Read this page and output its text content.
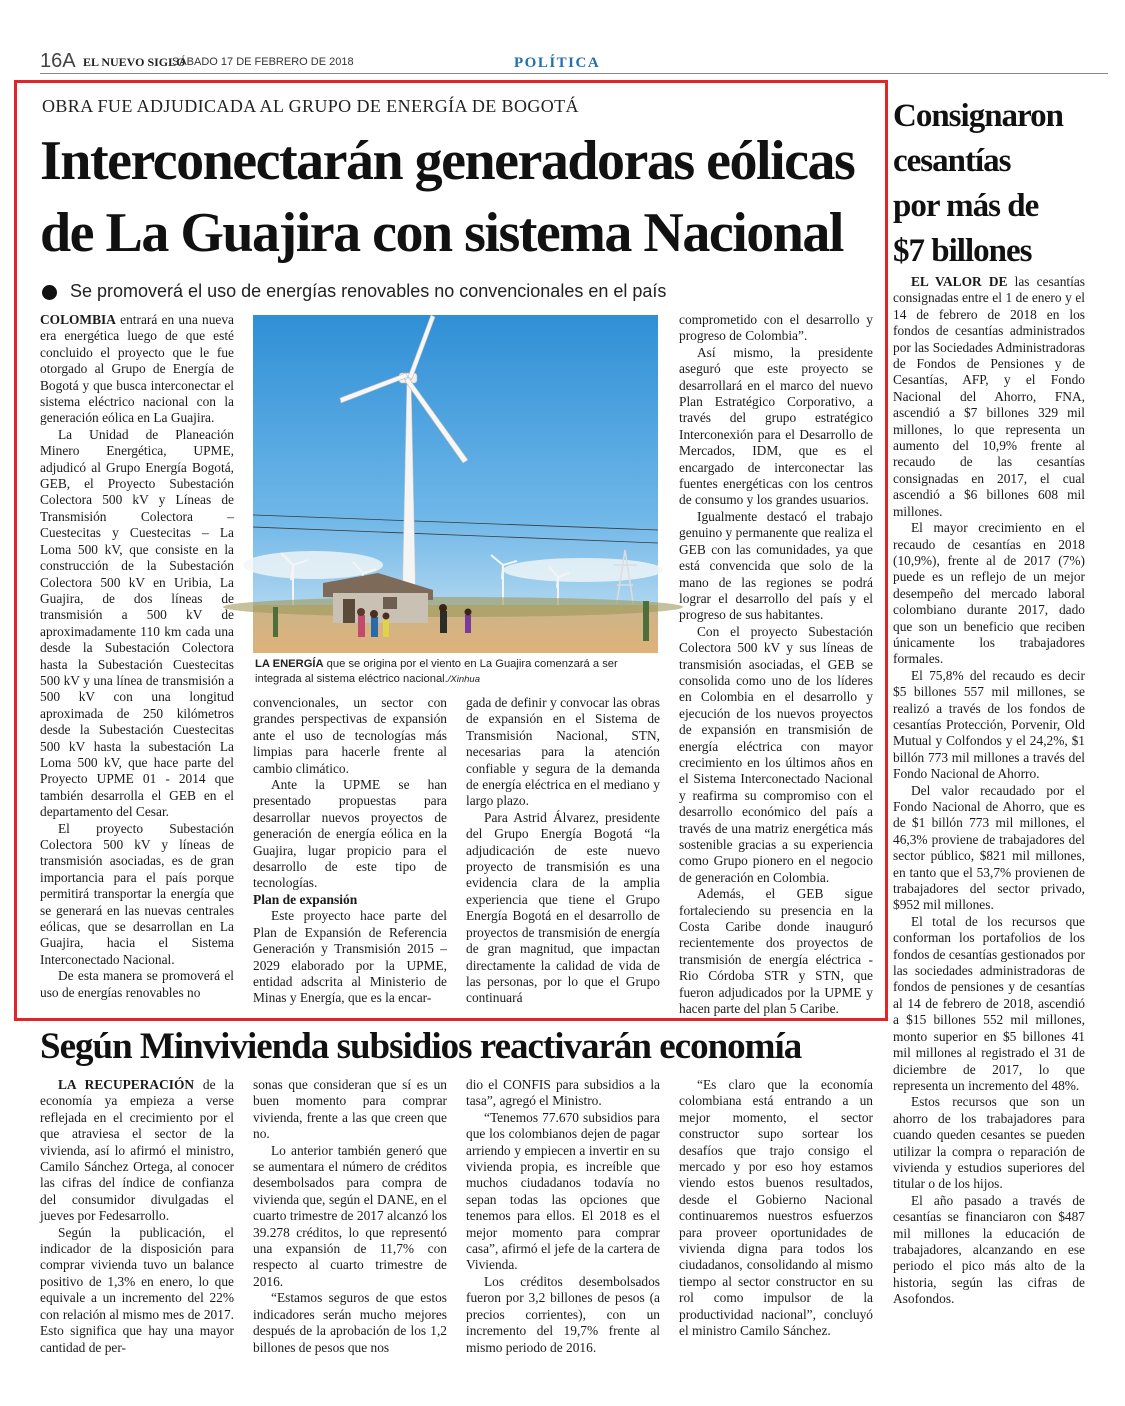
16A EL NUEVO SIGLO
SÁBADO 17 DE FEBRERO DE 2018	POLÍTICA
OBRA FUE ADJUDICADA AL GRUPO DE ENERGÍA DE BOGOTÁ
Interconectarán generadoras eólicas
de La Guajira con sistema Nacional
Se promoverá el uso de energías renovables no convencionales en el país

COLOMBIA entrará en una nueva era energética luego de que esté concluido el proyecto que le fue otorgado al Grupo de Energía de Bogotá y que busca interconectar el sistema eléctrico nacional con la generación eólica en La Guajira.

La Unidad de Planeación Minero Energética, UPME, adjudicó al Grupo Energía Bogotá, GEB, el Proyecto Subestación Colectora 500 kV y Líneas de Transmisión Colectora – Cuestecitas y Cuestecitas – La Loma 500 kV, que consiste en la construcción de la Subestación Colectora 500 kV en Uribia, La Guajira, de dos líneas de transmisión a 500 kV de aproximadamente 110 km cada una desde la Subestación Colectora hasta la Subestación Cuestecitas 500 kV y una línea de transmisión a 500 kV con una longitud aproximada de 250 kilómetros desde la Subestación Cuestecitas 500 kV hasta la subestación La Loma 500 kV, que hace parte del Proyecto UPME 01 - 2014 que también desarrolla el GEB en el departamento del Cesar.

El proyecto Subestación Colectora 500 kV y líneas de transmisión asociadas, es de gran importancia para el país porque permitirá transportar la energía que se generará en las nuevas centrales eólicas, que se desarrollan en La Guajira, hacia el Sistema Interconectado Nacional.

De esta manera se promoverá el uso de energías renovables no

LA ENERGÍA que se origina por el viento en La Guajira comenzará a ser integrada al sistema eléctrico nacional./Xinhua

convencionales, un sector con grandes perspectivas de expansión ante el uso de tecnologías más limpias para hacerle frente al cambio climático.

Ante la UPME se han presentado propuestas para desarrollar nuevos proyectos de generación de energía eólica en la Guajira, lugar propicio para el desarrollo de este tipo de tecnologías.

Plan de expansión

Este proyecto hace parte del Plan de Expansión de Referencia Generación y Transmisión 2015 – 2029 elaborado por la UPME, entidad adscrita al Ministerio de Minas y Energía, que es la encar-

gada de definir y convocar las obras de expansión en el Sistema de Transmisión Nacional, STN, necesarias para la atención confiable y segura de la demanda de energía eléctrica en el mediano y largo plazo.

Para Astrid Álvarez, presidente del Grupo Energía Bogotá “la adjudicación de este nuevo proyecto de transmisión es una evidencia clara de la amplia experiencia que tiene el Grupo Energía Bogotá en el desarrollo de proyectos de transmisión de energía de gran magnitud, que impactan directamente la calidad de vida de las personas, por lo que el Grupo continuará

comprometido con el desarrollo y progreso de Colombia”.

Así mismo, la presidente aseguró que este proyecto se desarrollará en el marco del nuevo Plan Estratégico Corporativo, a través del grupo estratégico Interconexión para el Desarrollo de Mercados, IDM, que es el encargado de interconectar las fuentes energéticas con los centros de consumo y los grandes usuarios.

Igualmente destacó el trabajo genuino y permanente que realiza el GEB con las comunidades, ya que está convencida que solo de la mano de las regiones se podrá lograr el desarrollo del país y el progreso de sus habitantes.

Con el proyecto Subestación Colectora 500 kV y sus líneas de transmisión asociadas, el GEB se consolida como uno de los líderes en Colombia en el desarrollo y ejecución de los nuevos proyectos de expansión en transmisión de energía eléctrica con mayor crecimiento en los últimos años en el Sistema Interconectado Nacional y reafirma su compromiso con el desarrollo económico del país a través de una matriz energética más sostenible gracias a su experiencia como Grupo pionero en el negocio de generación en Colombia.

Además, el GEB sigue fortaleciendo su presencia en la Costa Caribe donde inauguró recientemente dos proyectos de transmisión de energía eléctrica - Rio Córdoba STR y STN, que fueron adjudicados por la UPME y hacen parte del plan 5 Caribe.

Consignaron
cesantías
por más de
$7 billones

EL VALOR DE las cesantías consignadas entre el 1 de enero y el 14 de febrero de 2018 en los fondos de cesantías administrados por las Sociedades Administradoras de Fondos de Pensiones y de Cesantías, AFP, y el Fondo Nacional del Ahorro, FNA, ascendió a $7 billones 329 mil millones, lo que representa un aumento del 10,9% frente al recaudo de las cesantías consignadas en 2017, el cual ascendió a $6 billones 608 mil millones.

El mayor crecimiento en el recaudo de cesantías en 2018 (10,9%), frente al de 2017 (7%) puede es un reflejo de un mejor desempeño del mercado laboral colombiano durante 2017, dado que son un beneficio que reciben únicamente los trabajadores formales.

El 75,8% del recaudo es decir $5 billones 557 mil millones, se realizó a través de los fondos de cesantías Protección, Porvenir, Old Mutual y Colfondos y el 24,2%, $1 billón 773 mil millones a través del Fondo Nacional de Ahorro.

Del valor recaudado por el Fondo Nacional de Ahorro, que es de $1 billón 773 mil millones, el 46,3% proviene de trabajadores del sector público, $821 mil millones, en tanto que el 53,7% provienen de trabajadores del sector privado, $952 mil millones.

El total de los recursos que conforman los portafolios de los fondos de cesantías gestionados por las sociedades administradoras de fondos de pensiones y de cesantías al 14 de febrero de 2018, ascendió a $15 billones 552 mil millones, monto superior en $5 billones 41 mil millones al registrado el 31 de diciembre de 2017, lo que representa un incremento del 48%.

Estos recursos que son un ahorro de los trabajadores para cuando queden cesantes se pueden utilizar la compra o reparación de vivienda y estudios superiores del titular o de los hijos.

El año pasado a través de cesantías se financiaron con $487 mil millones la educación de trabajadores, alcanzando en ese periodo el pico más alto de la historia, según las cifras de Asofondos.

Según Minvivienda subsidios reactivarán economía

LA RECUPERACIÓN de la economía ya empieza a verse reflejada en el crecimiento por el que atraviesa el sector de la vivienda, así lo afirmó el ministro, Camilo Sánchez Ortega, al conocer las cifras del índice de confianza del consumidor divulgadas el jueves por Fedesarrollo.

Según la publicación, el indicador de la disposición para comprar vivienda tuvo un balance positivo de 1,3% en enero, lo que equivale a un incremento del 22% con relación al mismo mes de 2017. Esto significa que hay una mayor cantidad de per-

sonas que consideran que sí es un buen momento para comprar vivienda, frente a las que creen que no.

Lo anterior también generó que se aumentara el número de créditos desembolsados para compra de vivienda que, según el DANE, en el cuarto trimestre de 2017 alcanzó los 39.278 créditos, lo que representó una expansión de 11,7% con respecto al cuarto trimestre de 2016.

“Estamos seguros de que estos indicadores serán mucho mejores después de la aprobación de los 1,2 billones de pesos que nos

dio el CONFIS para subsidios a la tasa”, agregó el Ministro.

“Tenemos 77.670 subsidios para que los colombianos dejen de pagar arriendo y empiecen a invertir en su vivienda propia, es increíble que muchos ciudadanos todavía no sepan todas las opciones que tenemos para ellos. El 2018 es el mejor momento para comprar casa”, afirmó el jefe de la cartera de Vivienda.

Los créditos desembolsados fueron por 3,2 billones de pesos (a precios corrientes), con un incremento del 19,7% frente al mismo periodo de 2016.

“Es claro que la economía colombiana está entrando a un mejor momento, el sector constructor supo sortear los desafíos que trajo consigo el mercado y por eso hoy estamos viendo estos buenos resultados, desde el Gobierno Nacional continuaremos nuestros esfuerzos para proveer oportunidades de vivienda digna para todos los ciudadanos, consolidando al mismo tiempo al sector constructor en su rol como impulsor de la productividad nacional”, concluyó el ministro Camilo Sánchez.
